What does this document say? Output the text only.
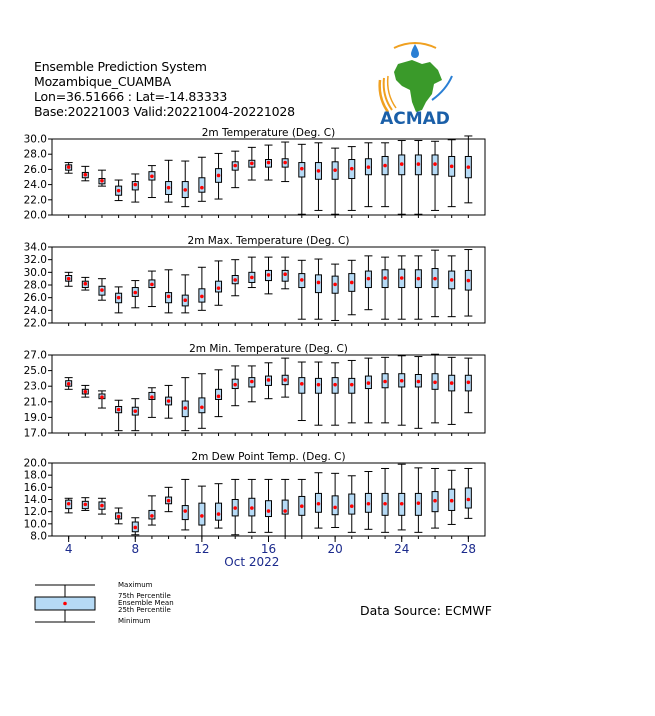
Ensemble Prediction System
Mozambique_CUAMBA
Lon=36.51666 : Lat=-14.83333
Base:20221003 Valid:20221004-20221028	ACMAD
2m Temperature (Deg. C)
20.0
22.0
24.0
26.0
28.0
30.0
2m Max. Temperature (Deg. C)
22.0
24.0
26.0
28.0
30.0
32.0
34.0
2m Min. Temperature (Deg. C)
17.0
19.0
21.0
23.0
25.0
27.0
2m Dew Point Temp. (Deg. C)
8.0
10.0
12.0
14.0
16.0
18.0
20.0
4	8	12	16	20	24	28
Oct 2022
Maximum
75th Percentile
Ensemble Mean
25th Percentile
Minimum
Data Source: ECMWF
